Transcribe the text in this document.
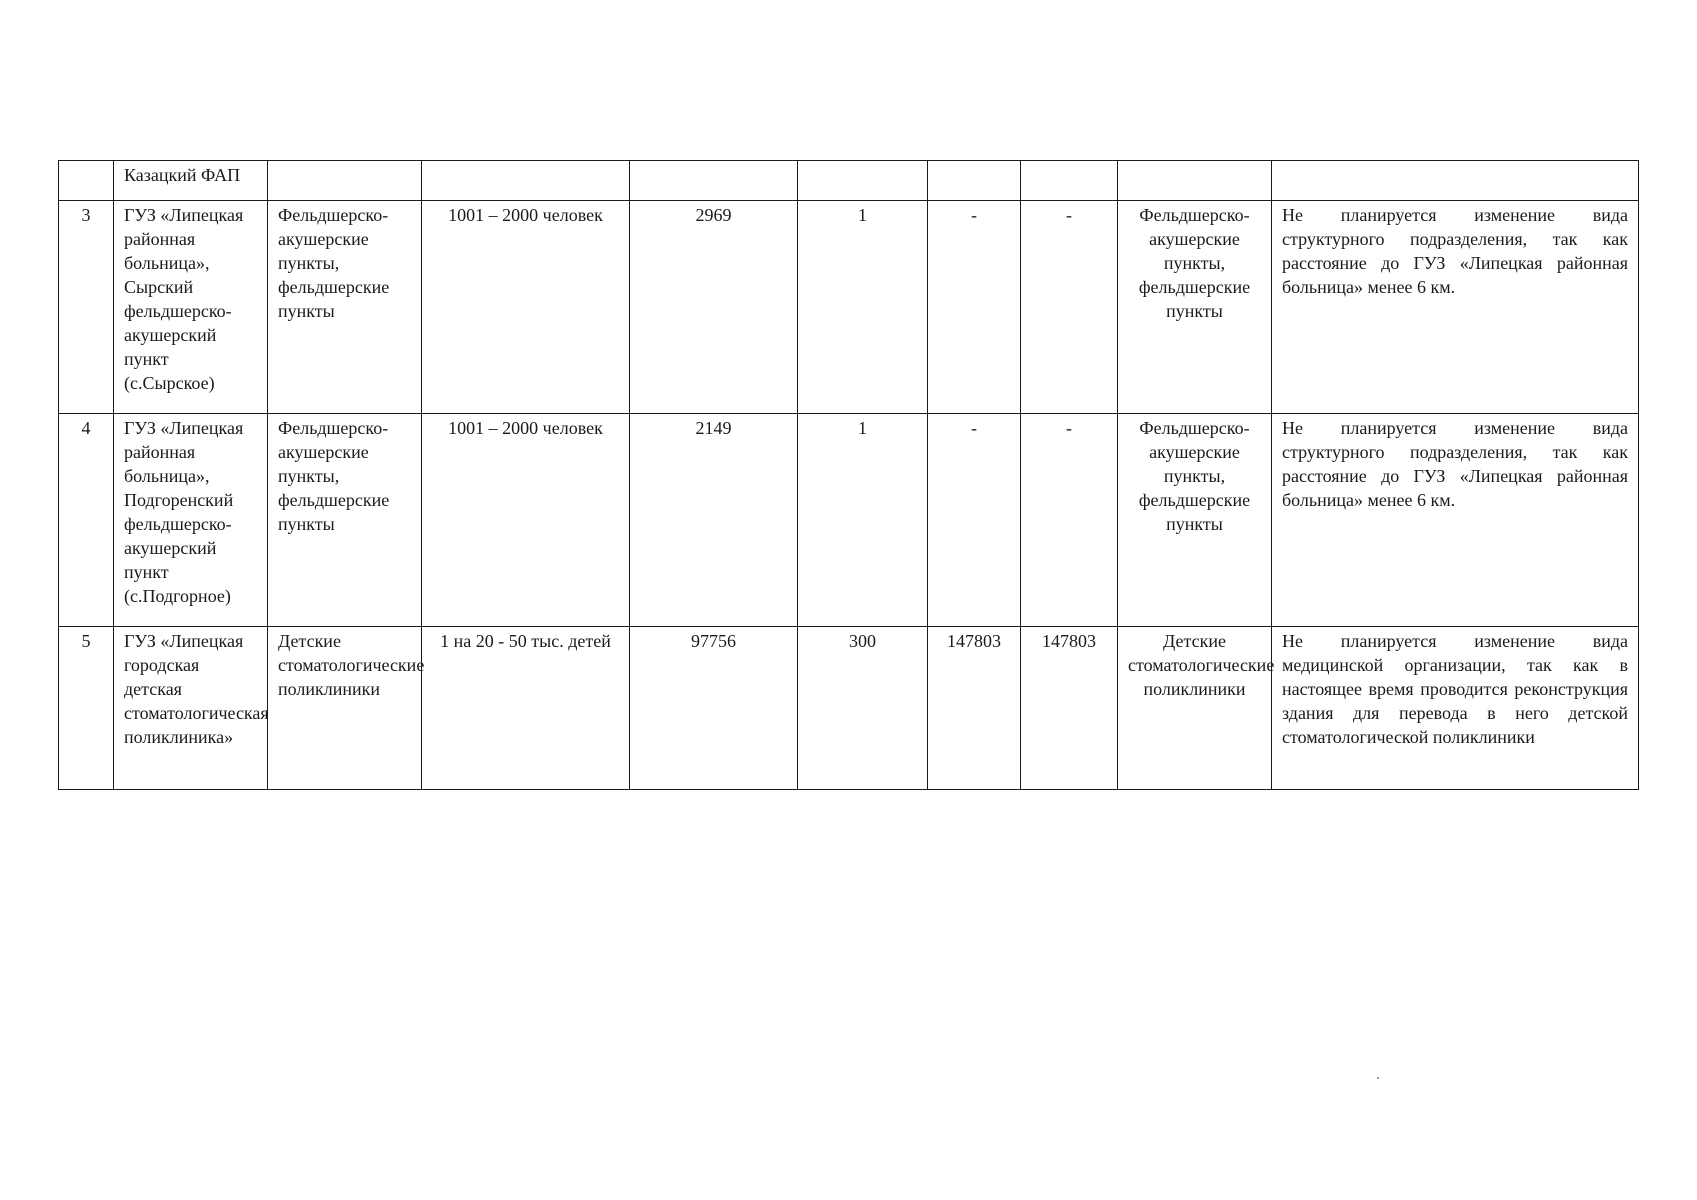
	Казацкий ФАП								
3	ГУЗ «Липецкая районная больница», Сырский фельдшерско-акушерский пункт (с.Сырское)	Фельдшерско-акушерские пункты, фельдшерские пункты	1001 – 2000 человек	2969	1	-	-	Фельдшерско-акушерские пункты, фельдшерские пункты	Не планируется изменение вида структурного подразделения, так как расстояние до ГУЗ «Липецкая районная больница» менее 6 км.
4	ГУЗ «Липецкая районная больница», Подгоренский фельдшерско-акушерский пункт (с.Подгорное)	Фельдшерско-акушерские пункты, фельдшерские пункты	1001 – 2000 человек	2149	1	-	-	Фельдшерско-акушерские пункты, фельдшерские пункты	Не планируется изменение вида структурного подразделения, так как расстояние до ГУЗ «Липецкая районная больница» менее 6 км.
5	ГУЗ «Липецкая городская детская стоматологическая поликлиника»	Детские стоматологические поликлиники	1 на 20 - 50 тыс. детей	97756	300	147803	147803	Детские стоматологические поликлиники	Не планируется изменение вида медицинской организации, так как в настоящее время проводится реконструкция здания для перевода в него детской стоматологической поликлиники
